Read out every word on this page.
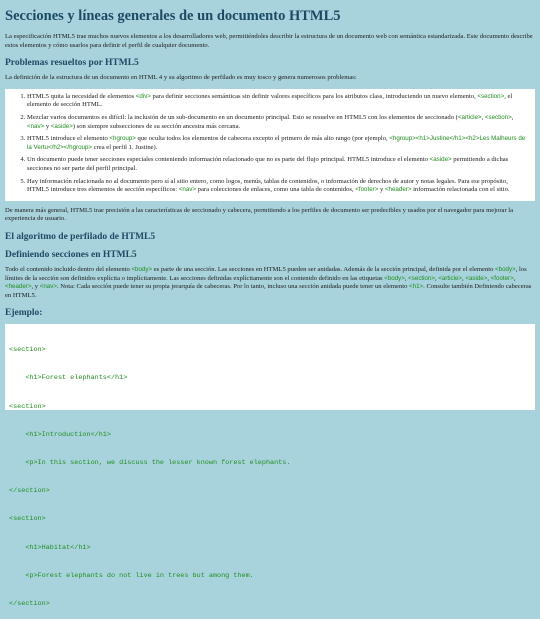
Secciones y líneas generales de un documento HTML5

La especificación HTML5 trae muchos nuevos elementos a los desarrolladores web, permitiéndoles describir la estructura de un documento web con semántica estandarizada. Este documento describe estos elementos y cómo usarlos para definir el perfil de cualquier documento.

Problemas resueltos por HTML5

La definición de la estructura de un documento en HTML 4 y su algoritmo de perfilado es muy tosco y genera numerosos problemas:

1. HTML5 quita la necesidad de elementos <div> para definir secciones semánticas sin definir valores específicos para los atributos class, introduciendo un nuevo elemento, <section>, el elemento de sección HTML.
2. Mezclar varios documentos es difícil: la inclusión de un sub-documento en un documento principal. Esto se resuelve en HTML5 con los elementos de seccionado (<article>, <section>, <nav> y <aside>) son siempre subsecciones de su sección ancestra más cercana.
3. HTML5 introduce el elemento <hgroup> que oculta todos los elementos de cabecera excepto el primero de más alto rango (por ejemplo, <hgroup><h1>Justine</h1><h2>Les Malheurs de la Vertu</h2></hgroup> crea el perfil 1. Justine).
4. Un documento puede tener secciones especiales conteniendo información relacionado que no es parte del flujo principal. HTML5 introduce el elemento <aside> permitiendo a dichas secciones no ser parte del perfil principal.
5. Hay información relacionada no al documento pero sí al sitio entero, como logos, menús, tablas de contenidos, o información de derechos de autor y notas legales. Para ese propósito, HTML5 introduce tres elementos de sección específicos: <nav> para colecciones de enlaces, como una tabla de contenidos, <footer> y <header> información relacionada con el sitio.

De manera más general, HTML5 trae precisión a las características de seccionado y cabecera, permitiendo a los perfiles de documento ser predecibles y usados por el navegador para mejorar la experiencia de usuario.

El algoritmo de perfilado de HTML5
Definiendo secciones en HTML5

Todo el contenido incluido dentro del elemento <body> es parte de una sección. Las secciones en HTML5 pueden ser anidadas. Además de la sección principal, definida por el elemento <body>, los límites de la sección son definidos explícita o implícitamente. Las secciones definidas explícitamente son el contenido definido en las etiquetas <body>, <section>, <article>, <aside>, <footer>, <header>, y <nav>. Nota: Cada sección puede tener su propia jerarquía de cabeceras. Por lo tanto, incluso una sección anidada puede tener un elemento <h1>. Consulte también Definiendo cabeceras en HTML5.

Ejemplo:

<section>

<h1>Forest elephants</h1>

<section>

<h1>Introduction</h1>

<p>In this section, we discuss the lesser known forest elephants.

</section>

<section>

<h1>Habitat</h1>

<p>Forest elephants do not live in trees but among them.

</section>
